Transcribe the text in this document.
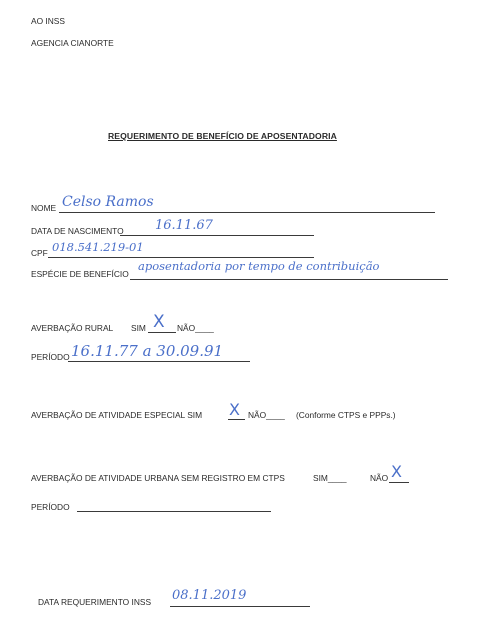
AO INSS
AGENCIA CIANORTE
REQUERIMENTO DE BENEFÍCIO DE APOSENTADORIA
NOME Celso Ramos
DATA DE NASCIMENTO 16.11.67
CPF 018.541.219-01
ESPÉCIE DE BENEFÍCIO
aposentadoria por tempo de contribuição
AVERBAÇÃO RURAL SIM X NÃO____
PERÍODO 16.11.77 a 30.09.91
AVERBAÇÃO DE ATIVIDADE ESPECIAL SIM X NÃO____ (Conforme CTPS e PPPs.)
AVERBAÇÃO DE ATIVIDADE URBANA SEM REGISTRO EM CTPS	SIM____	NÃO X
PERÍODO
DATA REQUERIMENTO INSS 08.11.2019
